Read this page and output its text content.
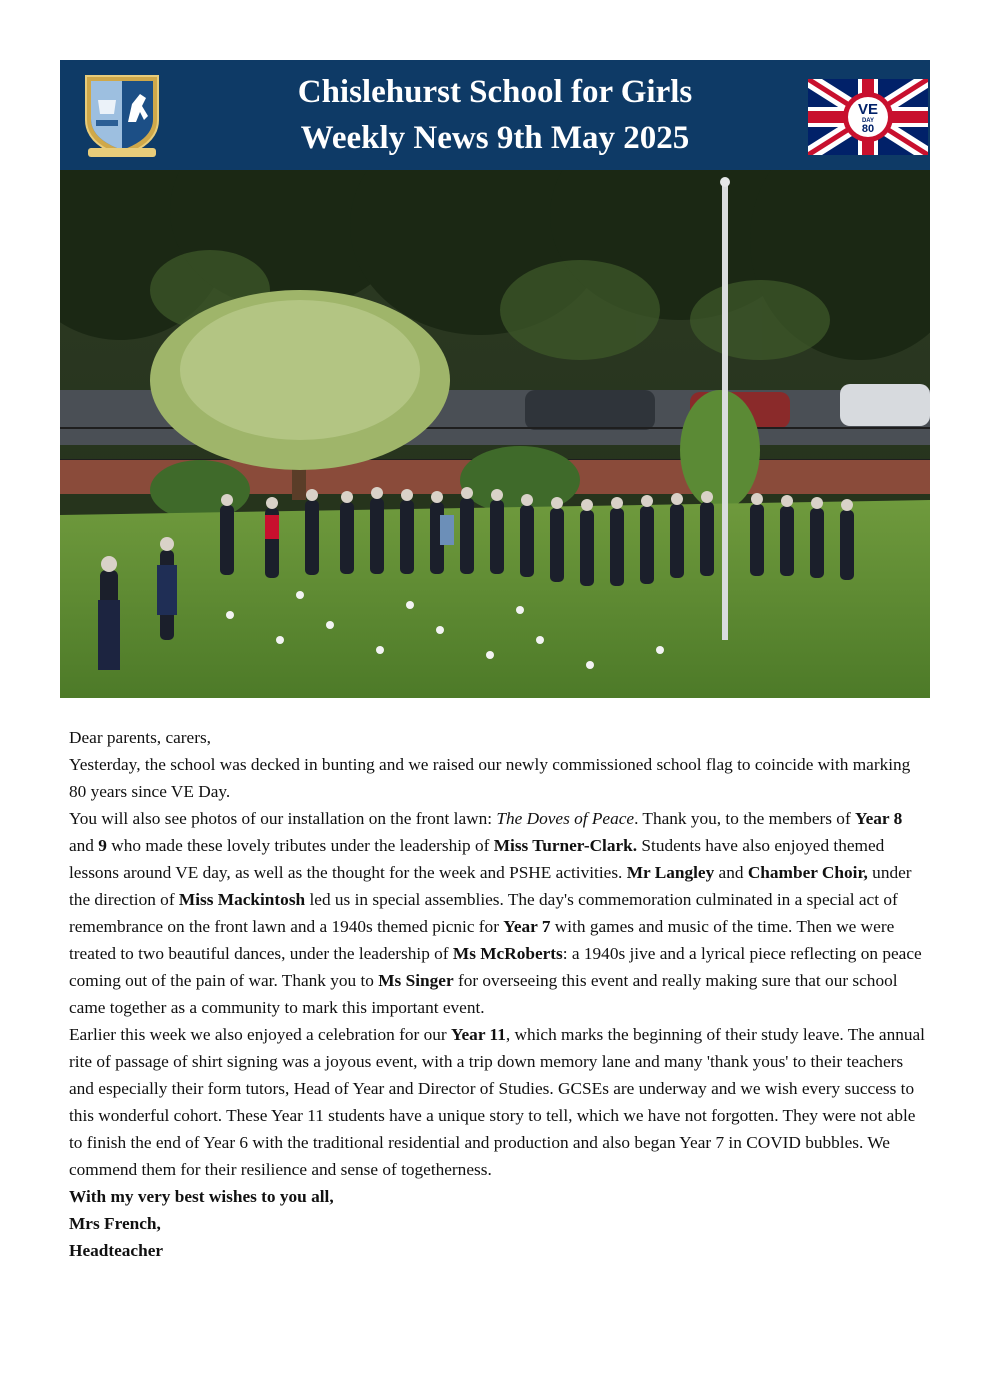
Chislehurst School for Girls
Weekly News 9th May 2025
VE
DAY
80

Dear parents, carers,

Yesterday, the school was decked in bunting and we raised our newly commissioned school flag to coincide with marking 80 years since VE Day.

You will also see photos of our installation on the front lawn: The Doves of Peace. Thank you, to the members of Year 8 and 9 who made these lovely tributes under the leadership of Miss Turner-Clark. Students have also enjoyed themed lessons around VE day, as well as the thought for the week and PSHE activities. Mr Langley and Chamber Choir, under the direction of Miss Mackintosh led us in special assemblies. The day's commemoration culminated in a special act of remembrance on the front lawn and a 1940s themed picnic for Year 7 with games and music of the time. Then we were treated to two beautiful dances, under the leadership of Ms McRoberts: a 1940s jive and a lyrical piece reflecting on peace coming out of the pain of war. Thank you to Ms Singer for overseeing this event and really making sure that our school came together as a community to mark this important event.

Earlier this week we also enjoyed a celebration for our Year 11, which marks the beginning of their study leave. The annual rite of passage of shirt signing was a joyous event, with a trip down memory lane and many 'thank yous' to their teachers and especially their form tutors, Head of Year and Director of Studies. GCSEs are underway and we wish every success to this wonderful cohort. These Year 11 students have a unique story to tell, which we have not forgotten. They were not able to finish the end of Year 6 with the traditional residential and production and also began Year 7 in COVID bubbles. We commend them for their resilience and sense of togetherness.

With my very best wishes to you all,

Mrs French,

Headteacher
